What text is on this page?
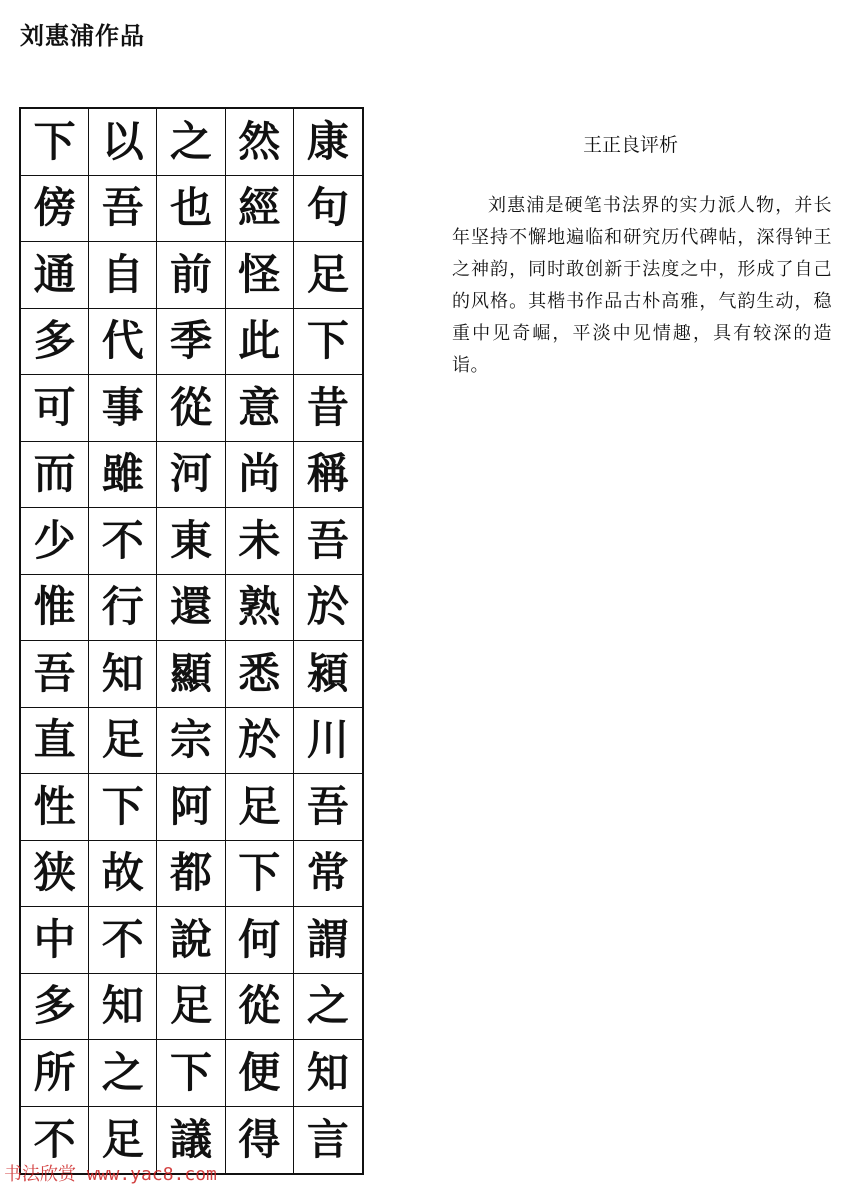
刘惠浦作品
下 以 之 然 康
傍 吾 也 經 句
通 自 前 怪 足
多 代 季 此 下
可 事 從 意 昔
而 雖 河 尚 稱
少 不 東 未 吾
惟 行 還 熟 於
吾 知 顯 悉 潁
直 足 宗 於 川
性 下 阿 足 吾
狭 故 都 下 常
中 不 說 何 謂
多 知 足 從 之
所 之 下 便 知
不 足 議 得 言
王正良评析
刘惠浦是硬笔书法界的实力派人物，并长年坚持不懈地遍临和研究历代碑帖，深得钟王之神韵，同时敢创新于法度之中，形成了自己的风格。其楷书作品古朴高雅，气韵生动，稳重中见奇崛，平淡中见情趣，具有较深的造诣。
书法欣赏 www.yac8.com
